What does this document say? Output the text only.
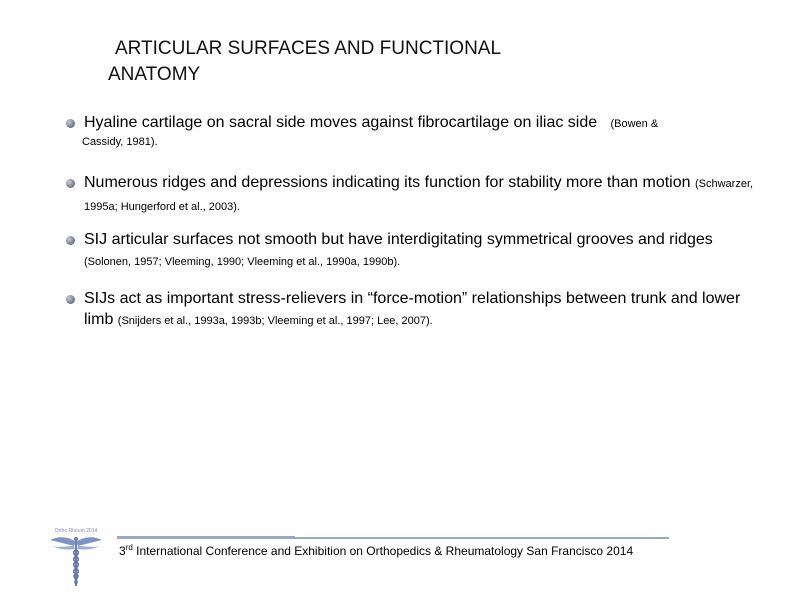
ARTICULAR SURFACES AND FUNCTIONAL
ANATOMY
Hyaline cartilage on sacral side moves against fibrocartilage on iliac side (Bowen &
Cassidy, 1981).
Numerous ridges and depressions indicating its function for stability more than motion (Schwarzer, 1995a; Hungerford et al., 2003).
SIJ articular surfaces not smooth but have interdigitating symmetrical grooves and ridges (Solonen, 1957; Vleeming, 1990; Vleeming et al., 1990a, 1990b).
SIJs act as important stress-relievers in “force-motion” relationships between trunk and lower limb (Snijders et al., 1993a, 1993b; Vleeming et al., 1997; Lee, 2007).
Ortho Rheum 2014
3rd International Conference and Exhibition on Orthopedics & Rheumatology San Francisco 2014
